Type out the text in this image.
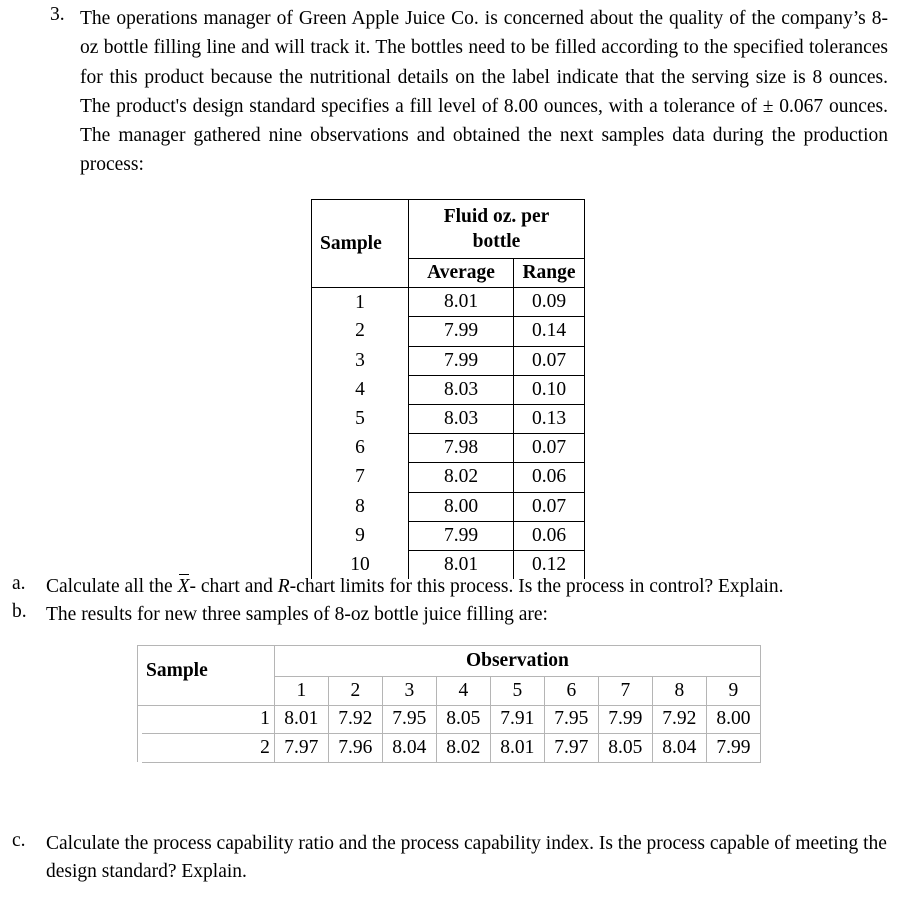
3. The operations manager of Green Apple Juice Co. is concerned about the quality of the company’s 8-oz bottle filling line and will track it. The bottles need to be filled according to the specified tolerances for this product because the nutritional details on the label indicate that the serving size is 8 ounces. The product's design standard specifies a fill level of 8.00 ounces, with a tolerance of ± 0.067 ounces. The manager gathered nine observations and obtained the next samples data during the production process:
Sample	Fluid oz. per
bottle	
	Average	Range
1	8.01	0.09
2	7.99	0.14
3	7.99	0.07
4	8.03	0.10
5	8.03	0.13
6	7.98	0.07
7	8.02	0.06
8	8.00	0.07
9	7.99	0.06
10	8.01	0.12
a. Calculate all the X- chart and R-chart limits for this process. Is the process in control? Explain.
b. The results for new three samples of 8-oz bottle juice filling are:
Sample		Observation								
		1	2	3	4	5	6	7	8	9
	1	8.01	7.92	7.95	8.05	7.91	7.95	7.99	7.92	8.00
	2	7.97	7.96	8.04	8.02	8.01	7.97	8.05	8.04	7.99
c. Calculate the process capability ratio and the process capability index. Is the process capable of meeting the design standard? Explain.
